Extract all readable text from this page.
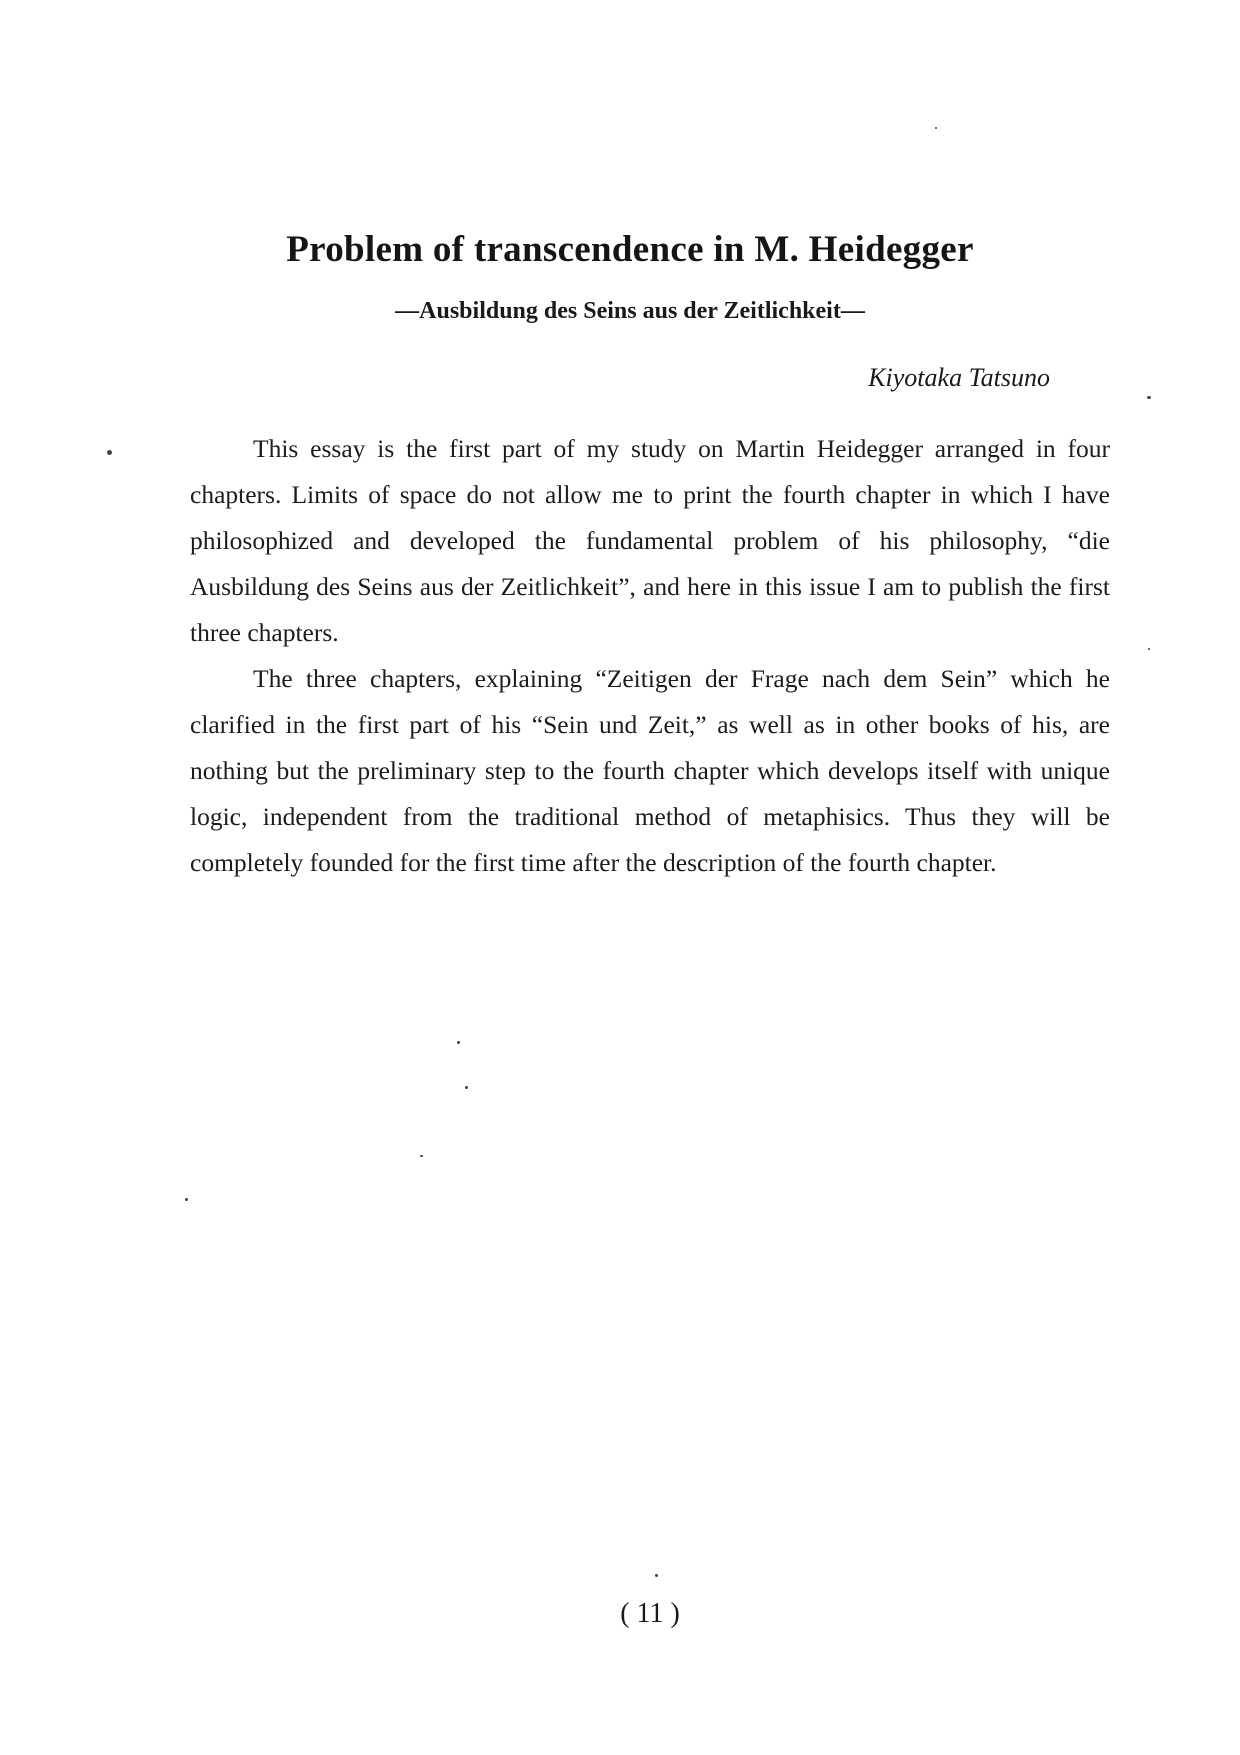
Problem of transcendence in M. Heidegger
—Ausbildung des Seins aus der Zeitlichkeit—
Kiyotaka Tatsuno

This essay is the first part of my study on Martin Heidegger arranged in four chapters. Limits of space do not allow me to print the fourth chapter in which I have philosophized and developed the fundamental problem of his philosophy, “die Ausbildung des Seins aus der Zeitlichkeit”, and here in this issue I am to publish the first three chapters.

The three chapters, explaining “Zeitigen der Frage nach dem Sein” which he clarified in the first part of his “Sein und Zeit,” as well as in other books of his, are nothing but the preliminary step to the fourth chapter which develops itself with unique logic, independent from the traditional method of metaphisics. Thus they will be completely founded for the first time after the description of the fourth chapter.

( 11 )
